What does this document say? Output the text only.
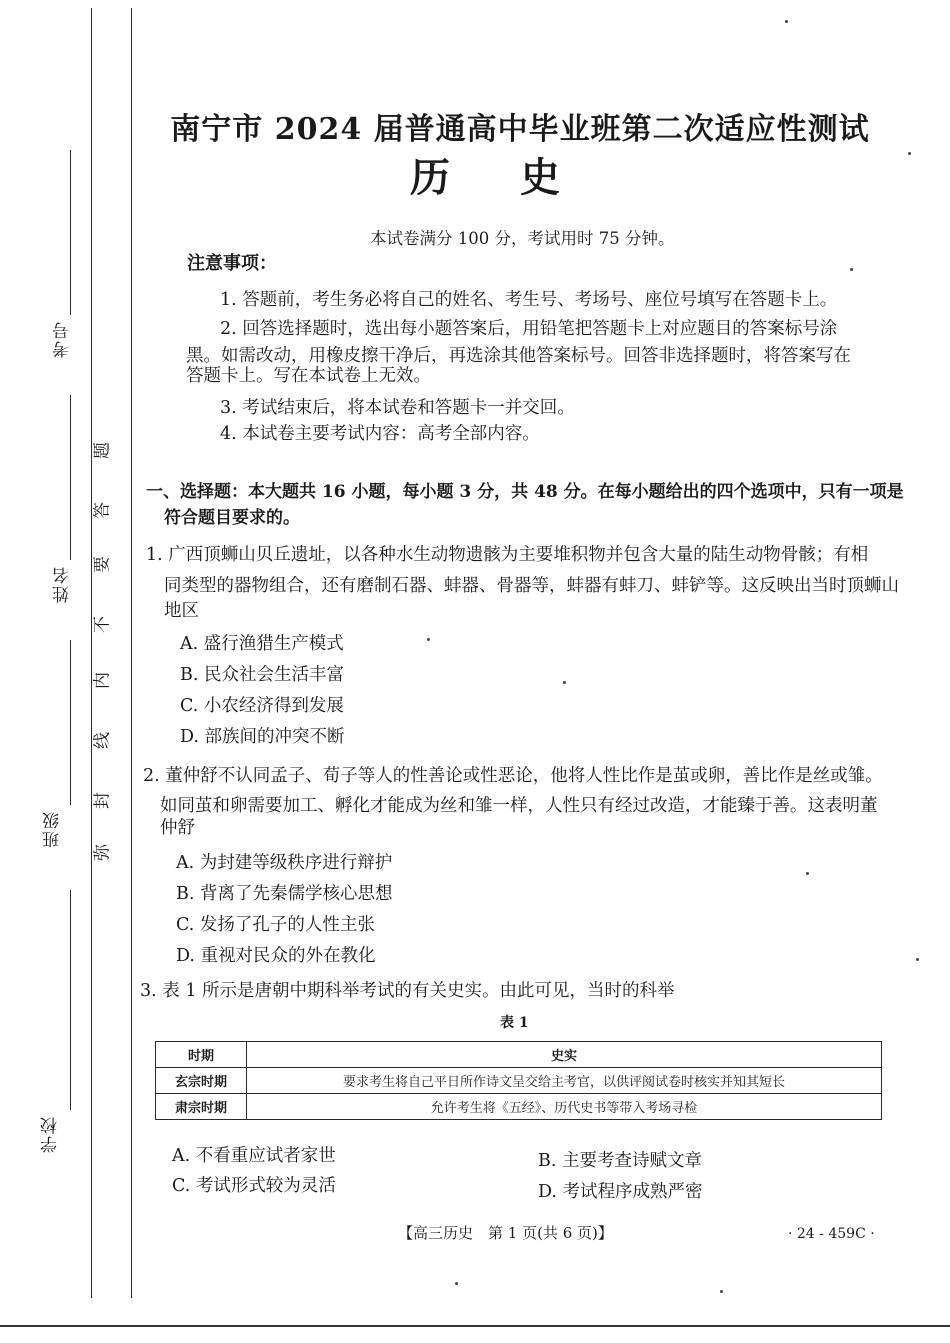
考号
姓名
班级
学校
弥
封
线
内
不
要
答
题
南宁市 2024 届普通高中毕业班第二次适应性测试
历史
本试卷满分 100 分，考试用时 75 分钟。
注意事项：
1. 答题前，考生务必将自己的姓名、考生号、考场号、座位号填写在答题卡上。
2. 回答选择题时，选出每小题答案后，用铅笔把答题卡上对应题目的答案标号涂
黑。如需改动，用橡皮擦干净后，再选涂其他答案标号。回答非选择题时，将答案写在
答题卡上。写在本试卷上无效。
3. 考试结束后，将本试卷和答题卡一并交回。
4. 本试卷主要考试内容：高考全部内容。
一、选择题：本大题共 16 小题，每小题 3 分，共 48 分。在每小题给出的四个选项中，只有一项是
符合题目要求的。
1. 广西顶蛳山贝丘遗址，以各种水生动物遗骸为主要堆积物并包含大量的陆生动物骨骸；有相
同类型的器物组合，还有磨制石器、蚌器、骨器等，蚌器有蚌刀、蚌铲等。这反映出当时顶蛳山
地区
A. 盛行渔猎生产模式
B. 民众社会生活丰富
C. 小农经济得到发展
D. 部族间的冲突不断
2. 董仲舒不认同孟子、荀子等人的性善论或性恶论，他将人性比作是茧或卵，善比作是丝或雏。
如同茧和卵需要加工、孵化才能成为丝和雏一样，人性只有经过改造，才能臻于善。这表明董
仲舒
A. 为封建等级秩序进行辩护
B. 背离了先秦儒学核心思想
C. 发扬了孔子的人性主张
D. 重视对民众的外在教化
3. 表 1 所示是唐朝中期科举考试的有关史实。由此可见，当时的科举
表 1
时期	史实
玄宗时期	要求考生将自己平日所作诗文呈交给主考官，以供评阅试卷时核实并知其短长
肃宗时期	允许考生将《五经》、历代史书等带入考场寻检
A. 不看重应试者家世	B. 主要考查诗赋文章
C. 考试形式较为灵活	D. 考试程序成熟严密
【高三历史　第 1 页(共 6 页)】	· 24 - 459C ·
